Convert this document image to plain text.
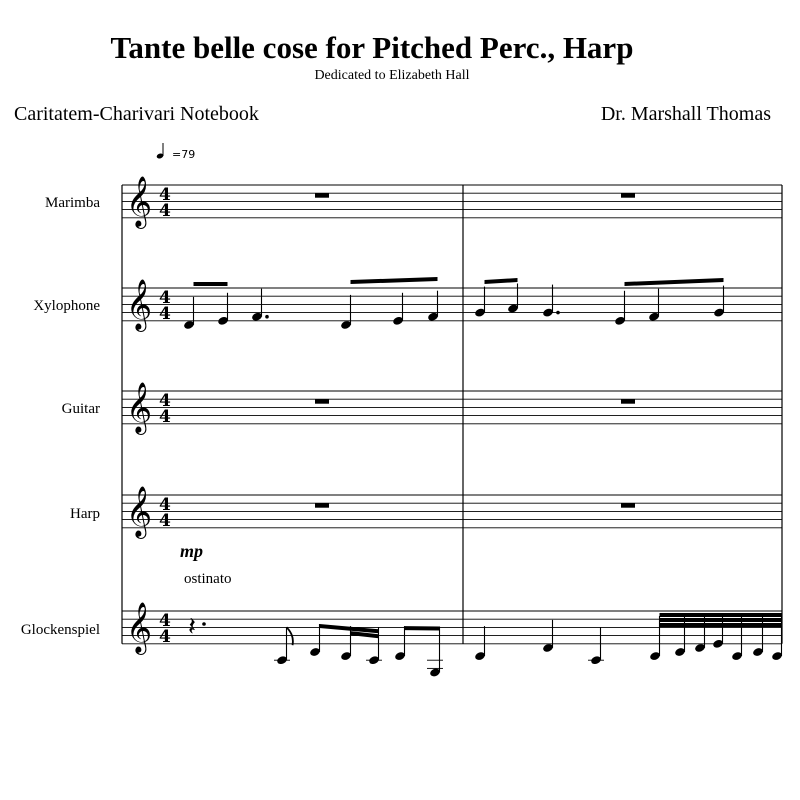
𝄞 4
4
𝄞 4
4
𝄞 4
4
𝄞 4
4
𝄞 4
4 𝄽
Tante belle cose for Pitched Perc., Harp
Dedicated to Elizabeth Hall
Caritatem-Charivari Notebook	Dr. Marshall Thomas
=79
Marimba
Xylophone
Guitar
Harp
Glockenspiel
mp
ostinato
